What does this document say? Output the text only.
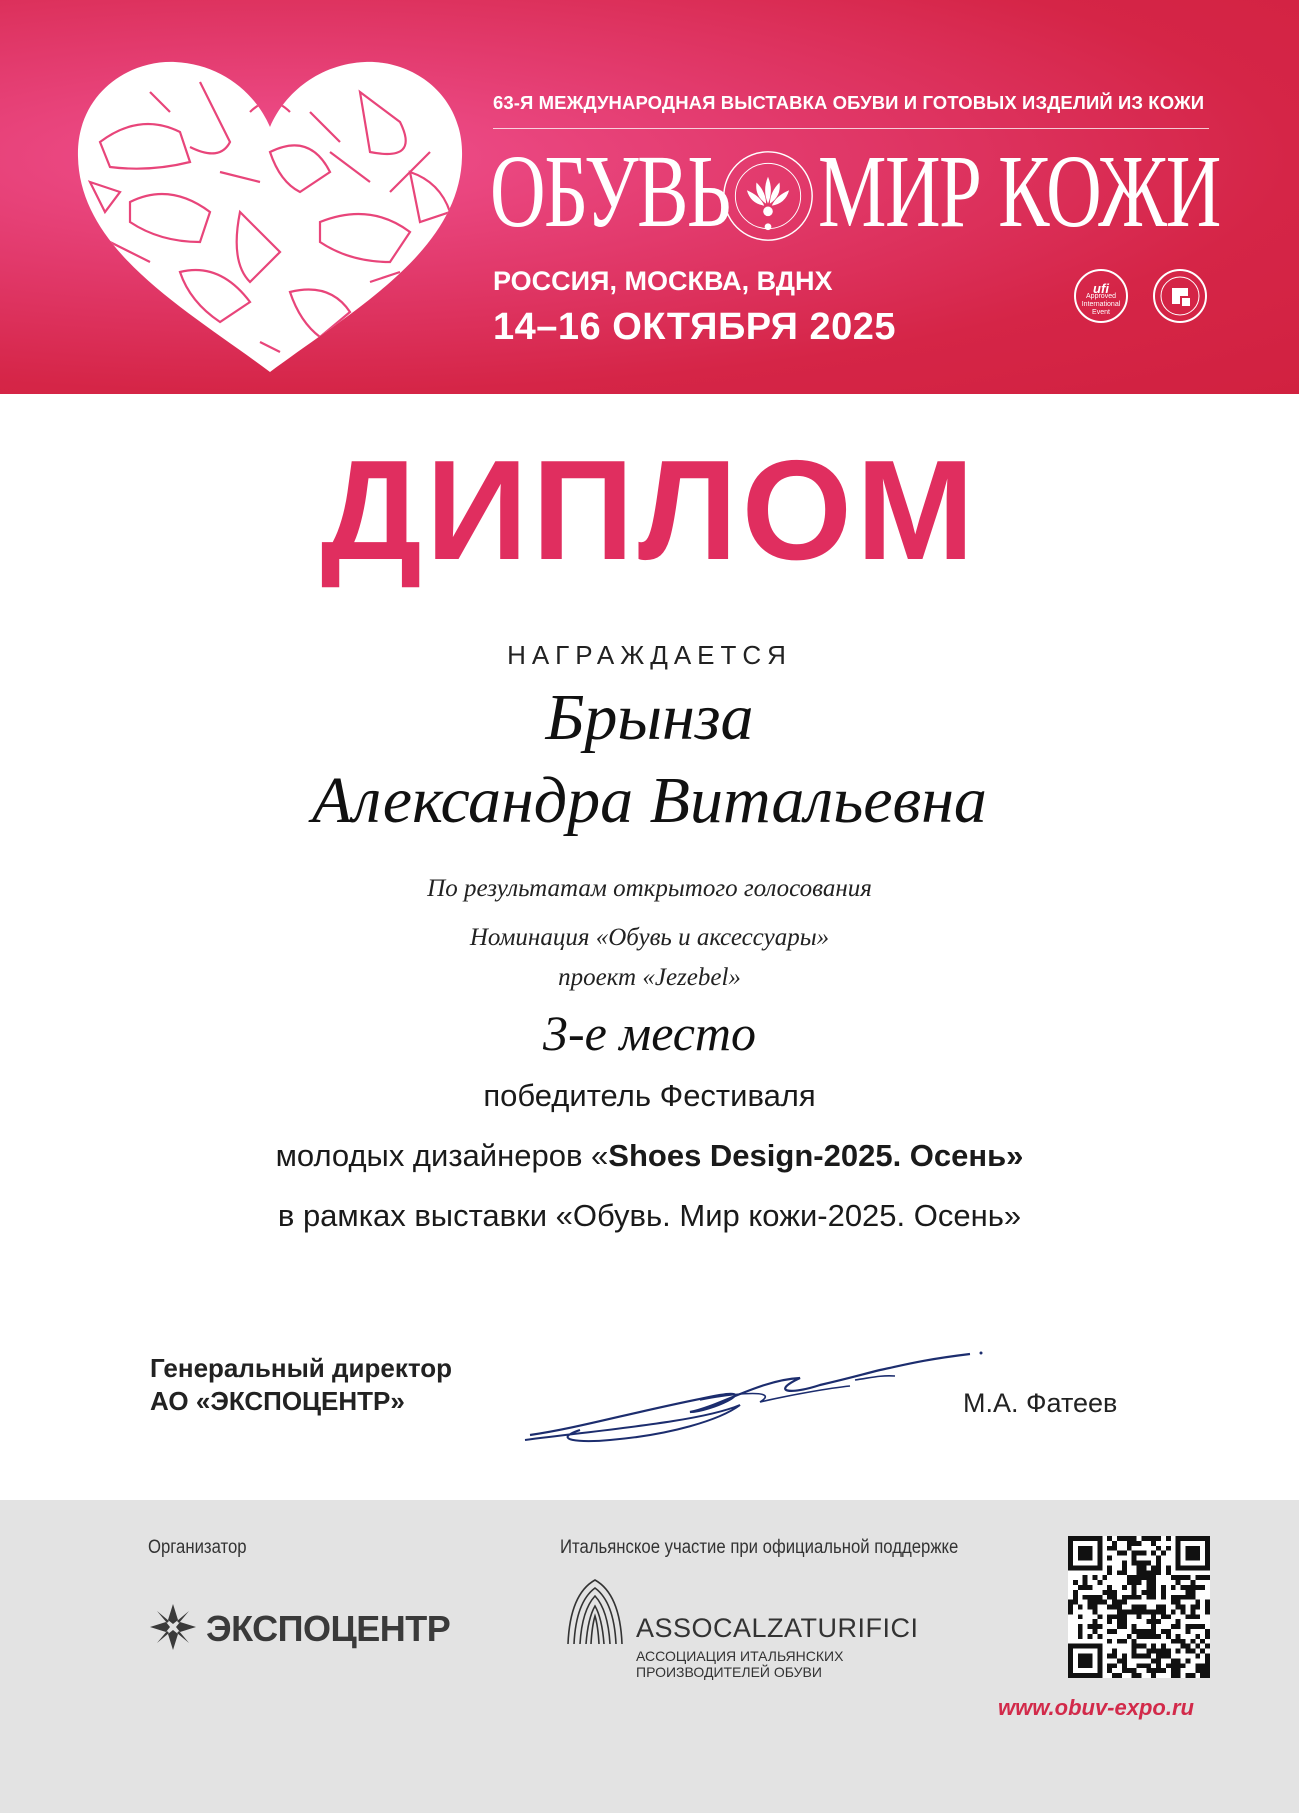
63-Я МЕЖДУНАРОДНАЯ ВЫСТАВКА ОБУВИ И ГОТОВЫХ ИЗДЕЛИЙ ИЗ КОЖИ
ОБУВЬ МИР КОЖИ
РОССИЯ, МОСКВА, ВДНХ
14–16 ОКТЯБРЯ 2025
ufi
Approved
International
Event
ДИПЛОМ
НАГРАЖДАЕТСЯ
Брынза
Александра Витальевна
По результатам открытого голосования
Номинация «Обувь и аксессуары»
проект «Jezebel»
3-е место
победитель Фестиваля
молодых дизайнеров «Shoes Design-2025. Осень»
в рамках выставки «Обувь. Мир кожи-2025. Осень»
Генеральный директор
АО «ЭКСПОЦЕНТР»	М.А. Фатеев
Организатор	Итальянское участие при официальной поддержке
ЭКСПОЦЕНТР	ASSOCALZATURIFICI
АССОЦИАЦИЯ ИТАЛЬЯНСКИХ
ПРОИЗВОДИТЕЛЕЙ ОБУВИ
www.obuv-expo.ru
